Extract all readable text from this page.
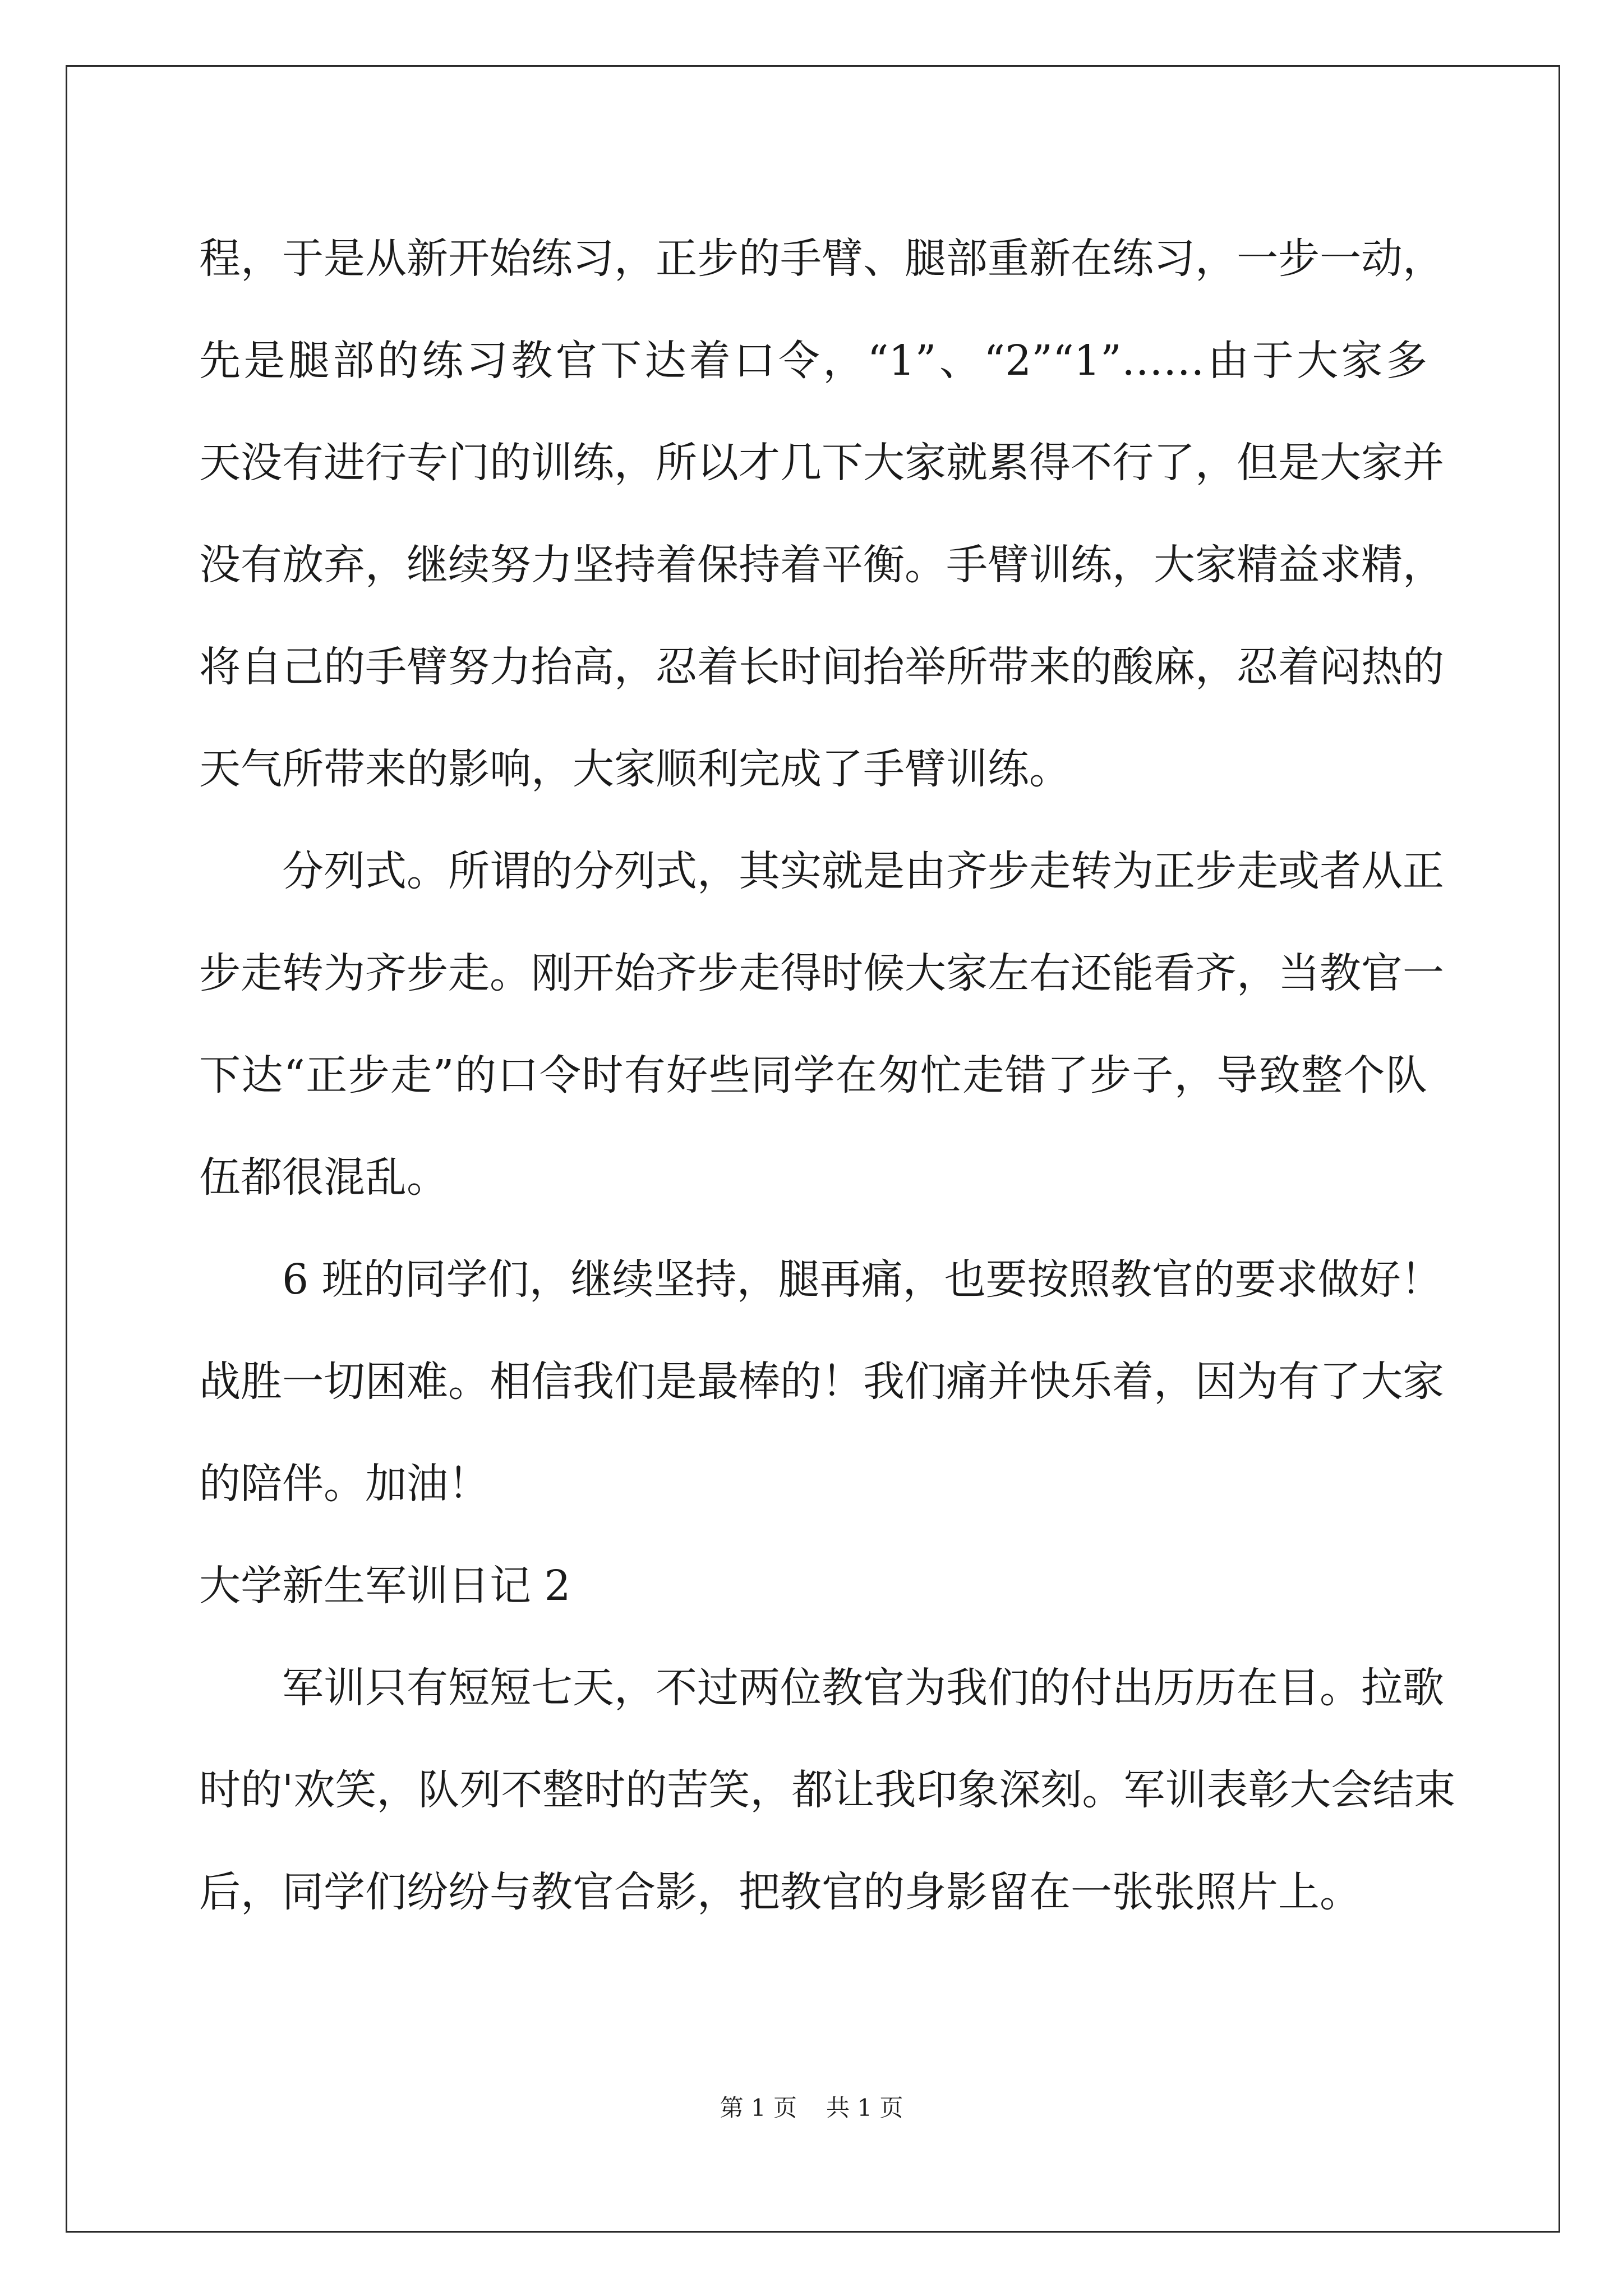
程，于是从新开始练习，正步的手臂、腿部重新在练习，一步一动，
先是腿部的练习教官下达着口令，“1”、“2”“1”……由于大家多
天没有进行专门的训练，所以才几下大家就累得不行了，但是大家并
没有放弃，继续努力坚持着保持着平衡。手臂训练，大家精益求精，
将自己的手臂努力抬高，忍着长时间抬举所带来的酸麻，忍着闷热的
天气所带来的影响，大家顺利完成了手臂训练。
分列式。所谓的分列式，其实就是由齐步走转为正步走或者从正
步走转为齐步走。刚开始齐步走得时候大家左右还能看齐，当教官一
下达“正步走”的口令时有好些同学在匆忙走错了步子，导致整个队
伍都很混乱。
6 班的同学们，继续坚持，腿再痛，也要按照教官的要求做好！
战胜一切困难。相信我们是最棒的！我们痛并快乐着，因为有了大家
的陪伴。加油！
大学新生军训日记 2
军训只有短短七天，不过两位教官为我们的付出历历在目。拉歌
时的'欢笑，队列不整时的苦笑，都让我印象深刻。军训表彰大会结束
后，同学们纷纷与教官合影，把教官的身影留在一张张照片上。
第 1 页 共 1 页
